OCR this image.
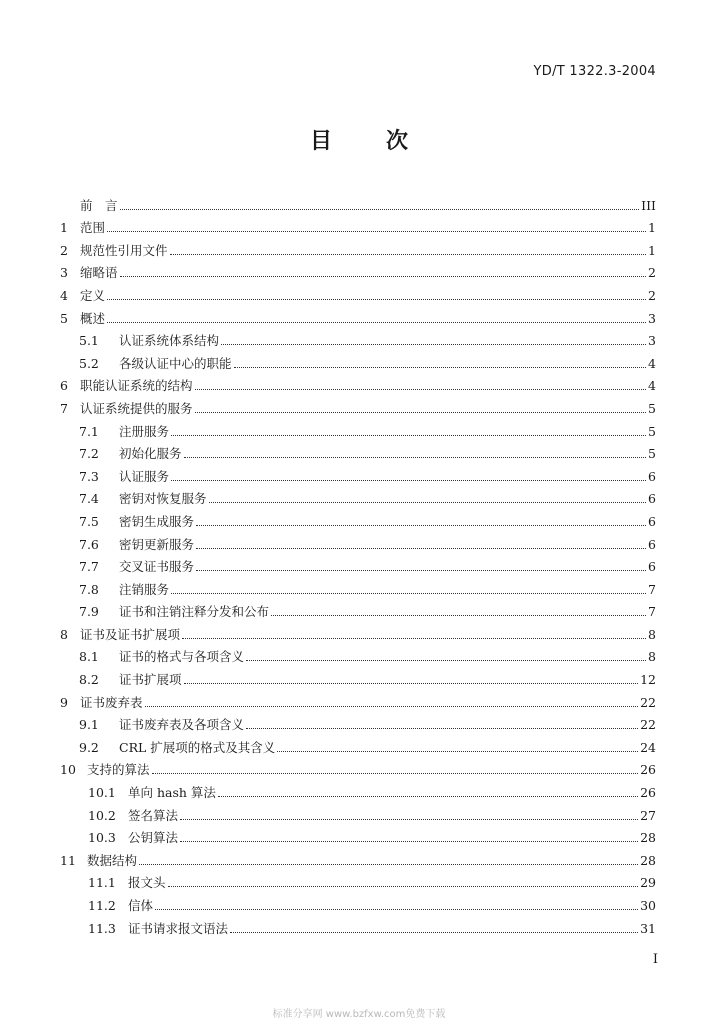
YD/T 1322.3-2004
目 次
前　言	III
1 范围	1
2 规范性引用文件	1
3 缩略语	2
4 定义	2
5 概述	3
5.1	认证系统体系结构	3
5.2	各级认证中心的职能	4
6 职能认证系统的结构	4
7 认证系统提供的服务	5
7.1	注册服务	5
7.2	初始化服务	5
7.3	认证服务	6
7.4	密钥对恢复服务	6
7.5	密钥生成服务	6
7.6	密钥更新服务	6
7.7	交叉证书服务	6
7.8	注销服务	7
7.9	证书和注销注释分发和公布	7
8 证书及证书扩展项	8
8.1	证书的格式与各项含义	8
8.2	证书扩展项	12
9 证书废弃表	22
9.1	证书废弃表及各项含义	22
9.2	CRL 扩展项的格式及其含义	24
10 支持的算法	26
10.1 单向 hash 算法	26
10.2 签名算法	27
10.3 公钥算法	28
11 数据结构	28
11.1 报文头	29
11.2 信体	30
11.3 证书请求报文语法	31
I
标准分享网 www.bzfxw.com免费下载
